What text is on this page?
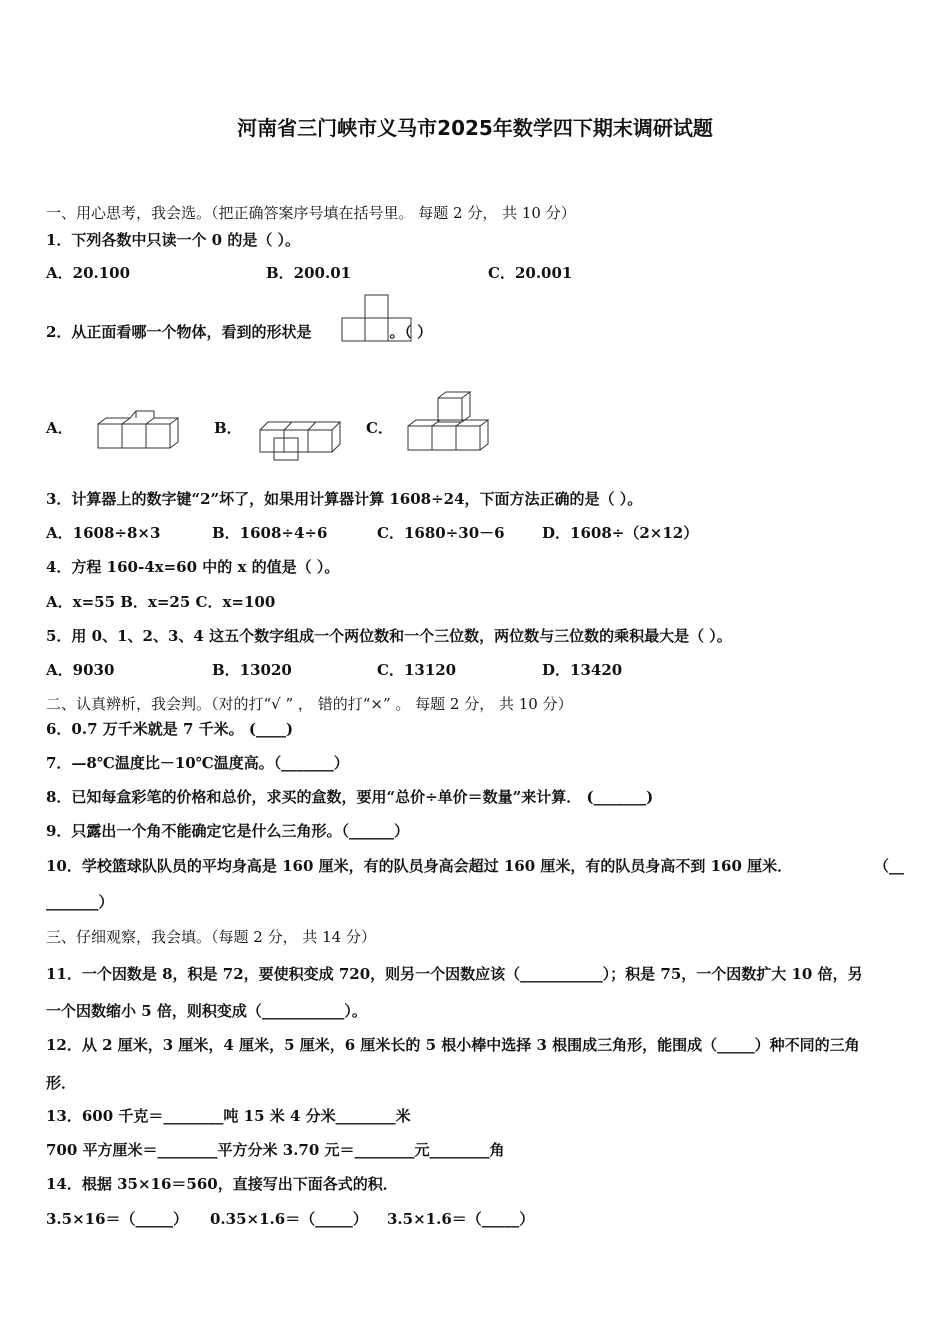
河南省三门峡市义马市2025年数学四下期末调研试题
一、用心思考，我会选。（把正确答案序号填在括号里。 每题 2 分， 共 10 分）
1．下列各数中只读一个 0 的是（ ）。
A．20.100	B．200.01	C．20.001
2．从正面看哪一个物体，看到的形状是	。（ ）
A．	B．	C．
3．计算器上的数字键“2”坏了，如果用计算器计算 1608÷24，下面方法正确的是（ ）。
A．1608÷8×3	B．1608÷4÷6	C．1680÷30－6 D．1608÷（2×12）
4．方程 160-4x=60 中的 x 的值是（ ）。
A．x=55 B．x=25 C．x=100
5．用 0、1、2、3、4 这五个数字组成一个两位数和一个三位数，两位数与三位数的乘积最大是（ ）。
A．9030	B．13020	C．13120	D．13420
二、认真辨析，我会判。（对的打“√ ” ， 错的打“×” 。 每题 2 分， 共 10 分）
6．0.7 万千米就是 7 千米。 (____)
7．—8℃温度比－10℃温度高。（_______）
8．已知每盒彩笔的价格和总价，求买的盒数，要用“总价÷单价＝数量”来计算． (_______)
9．只露出一个角不能确定它是什么三角形。（______）
10．学校篮球队队员的平均身高是 160 厘米，有的队员身高会超过 160 厘米，有的队员身高不到 160 厘米．	（__
_______）
三、仔细观察，我会填。（每题 2 分， 共 14 分）
11．一个因数是 8，积是 72，要使积变成 720，则另一个因数应该（___________）；积是 75，一个因数扩大 10 倍，另
一个因数缩小 5 倍，则积变成（___________）。
12．从 2 厘米，3 厘米，4 厘米，5 厘米，6 厘米长的 5 根小棒中选择 3 根围成三角形，能围成（_____）种不同的三角
形．
13．600 千克＝________吨 15 米 4 分米________米
700 平方厘米＝________平方分米 3.70 元＝________元________角
14．根据 35×16＝560，直接写出下面各式的积．
3.5×16＝（_____） 0.35×1.6＝（_____） 3.5×1.6＝（_____）
